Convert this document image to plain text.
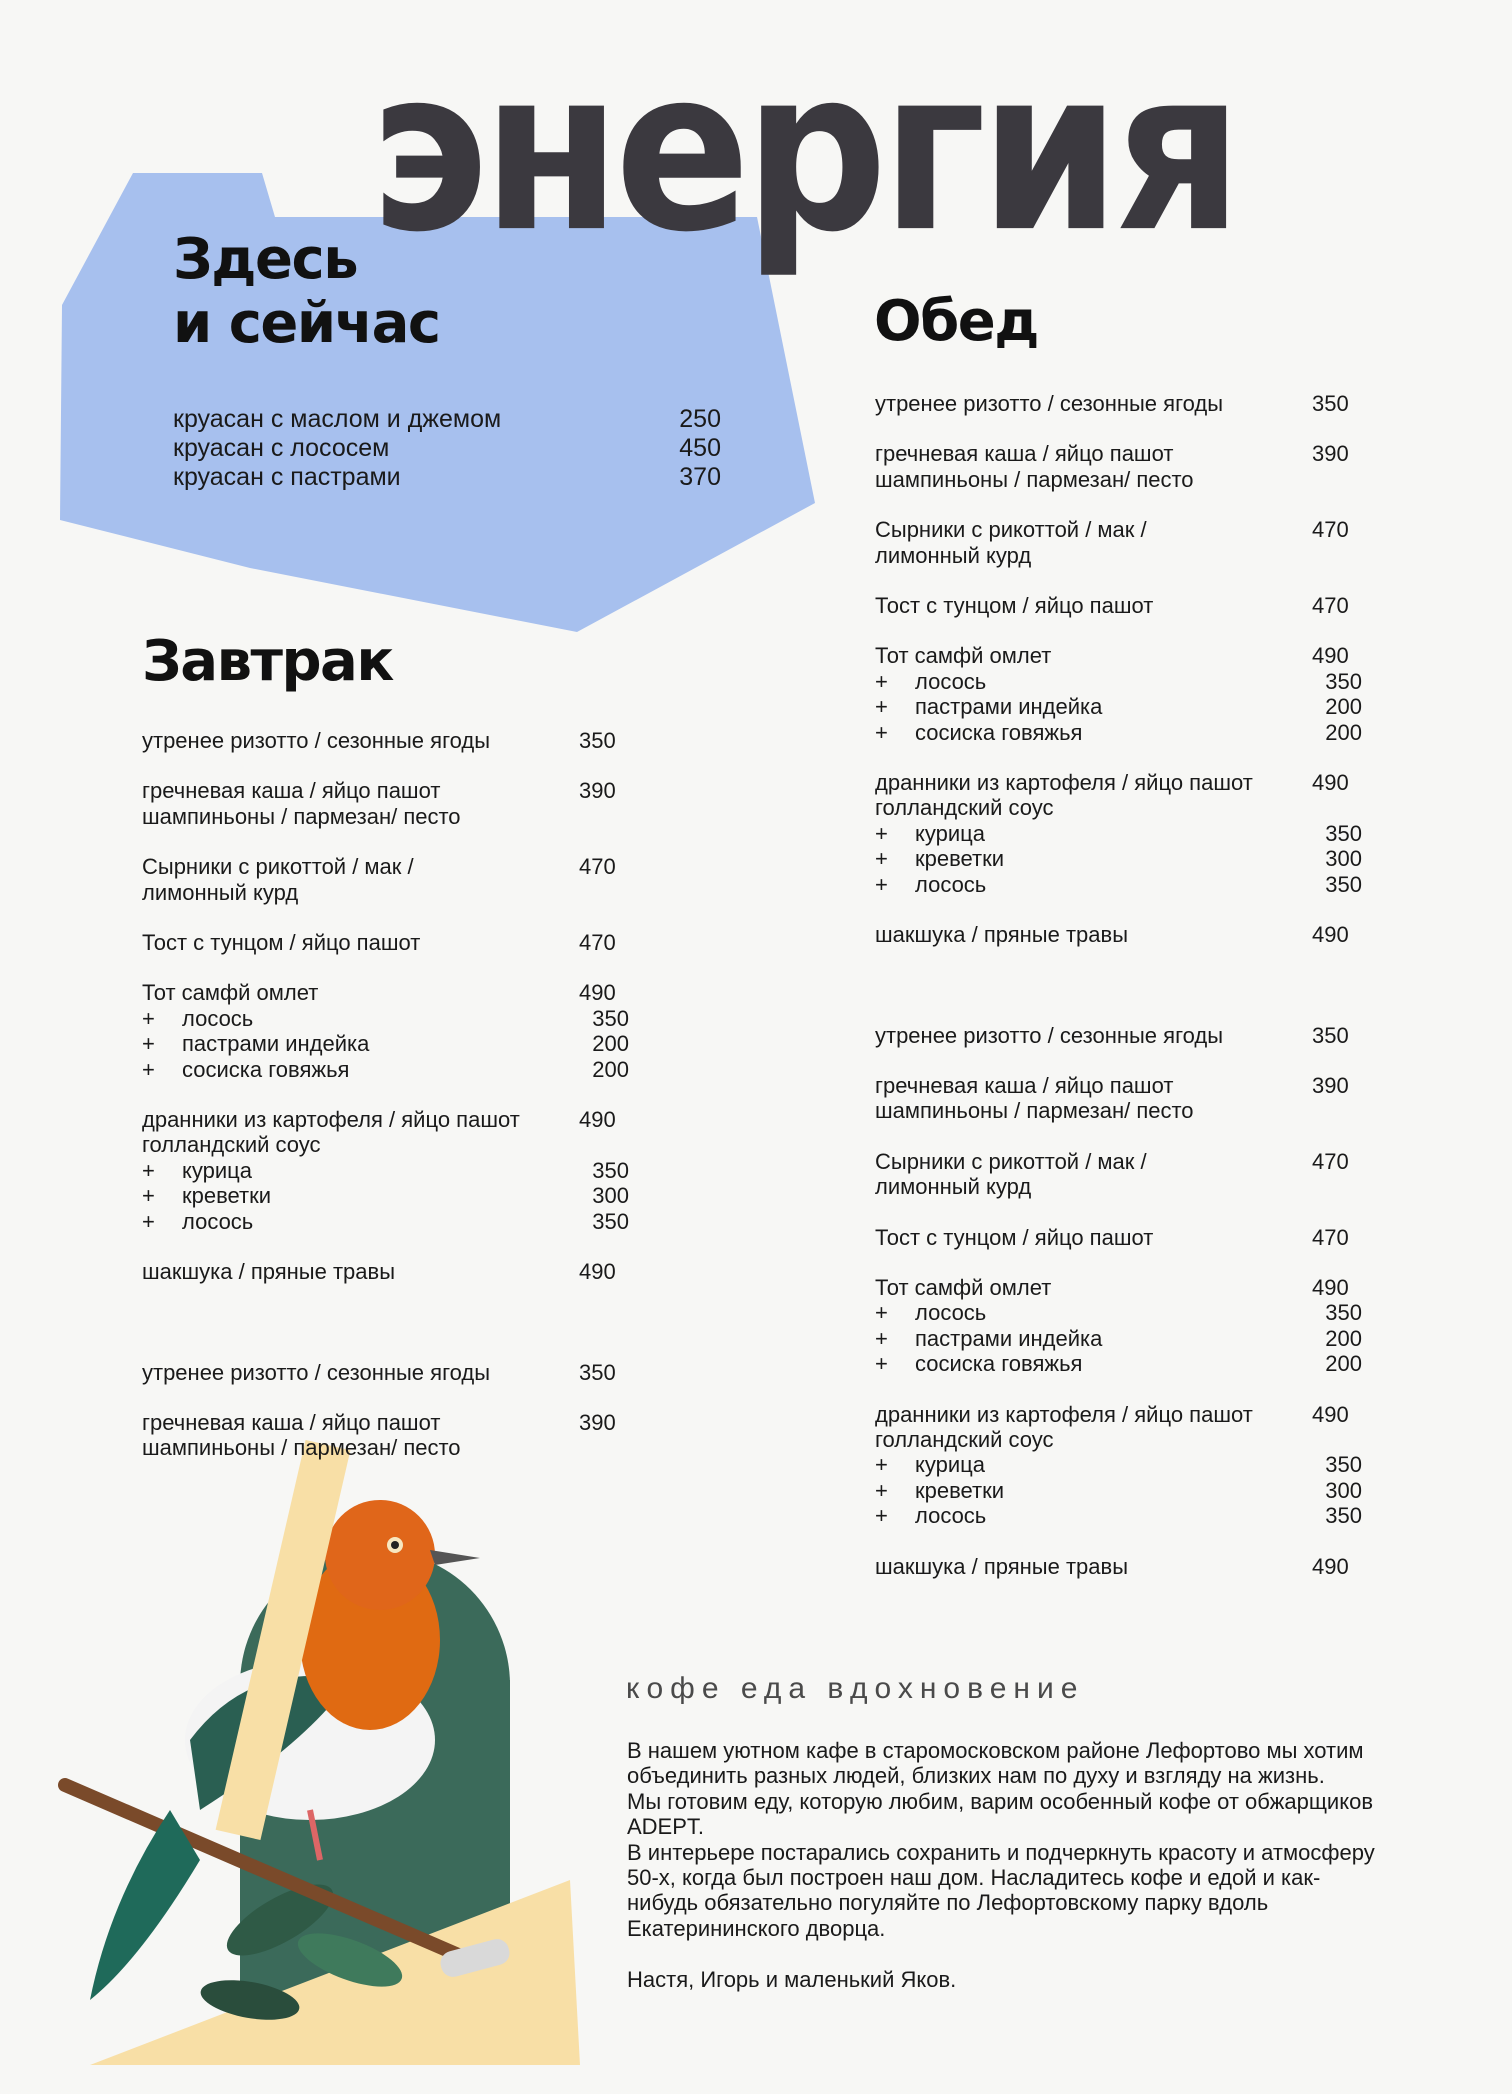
энергия
Здесь
и сейчас
круасан с маслом и джемом	250
круасан с лососем	450
круасан с пастрами	370
Завтрак
Обед
утренее ризотто / сезонные ягоды	350
гречневая каша / яйцо пашот
шампиньоны / пармезан/ песто
390
Сырники с рикоттой / мак /
лимонный курд
470
Тост с тунцом / яйцо пашот	470
Тот самфй омлет	490
+	лосось	350
+	пастрами индейка	200
+	сосиска говяжья	200
дранники из картофеля / яйцо пашот
голландский соус
490
+	курица	350
+	креветки	300
+	лосось	350
шакшука / пряные травы	490
утренее ризотто / сезонные ягоды	350
гречневая каша / яйцо пашот
шампиньоны / пармезан/ песто
390
утренее ризотто / сезонные ягоды	350
гречневая каша / яйцо пашот
шампиньоны / пармезан/ песто
390
Сырники с рикоттой / мак /
лимонный курд
470
Тост с тунцом / яйцо пашот	470
Тот самфй омлет	490
+	лосось	350
+	пастрами индейка	200
+	сосиска говяжья	200
дранники из картофеля / яйцо пашот
голландский соус
490
+	курица	350
+	креветки	300
+	лосось	350
шакшука / пряные травы	490
утренее ризотто / сезонные ягоды	350
гречневая каша / яйцо пашот
шампиньоны / пармезан/ песто
390
Сырники с рикоттой / мак /
лимонный курд
470
Тост с тунцом / яйцо пашот	470
Тот самфй омлет	490
+	лосось	350
+	пастрами индейка	200
+	сосиска говяжья	200
дранники из картофеля / яйцо пашот
голландский соус
490
+	курица	350
+	креветки	300
+	лосось	350
шакшука / пряные травы	490
кофе еда вдохновение

В нашем уютном кафе в старомосковском районе Лефортово мы хотим объединить разных людей, близких нам по духу и взгляду на жизнь.

Мы готовим еду, которую любим, варим особенный кофе от обжарщиков ADEPT.

В интерьере постарались сохранить и подчеркнуть красоту и атмосферу 50-х, когда был построен наш дом. Насладитесь кофе и едой и как-нибудь обязательно погуляйте по Лефортовскому парку вдоль Екатерининского дворца.

Настя, Игорь и маленький Яков.
